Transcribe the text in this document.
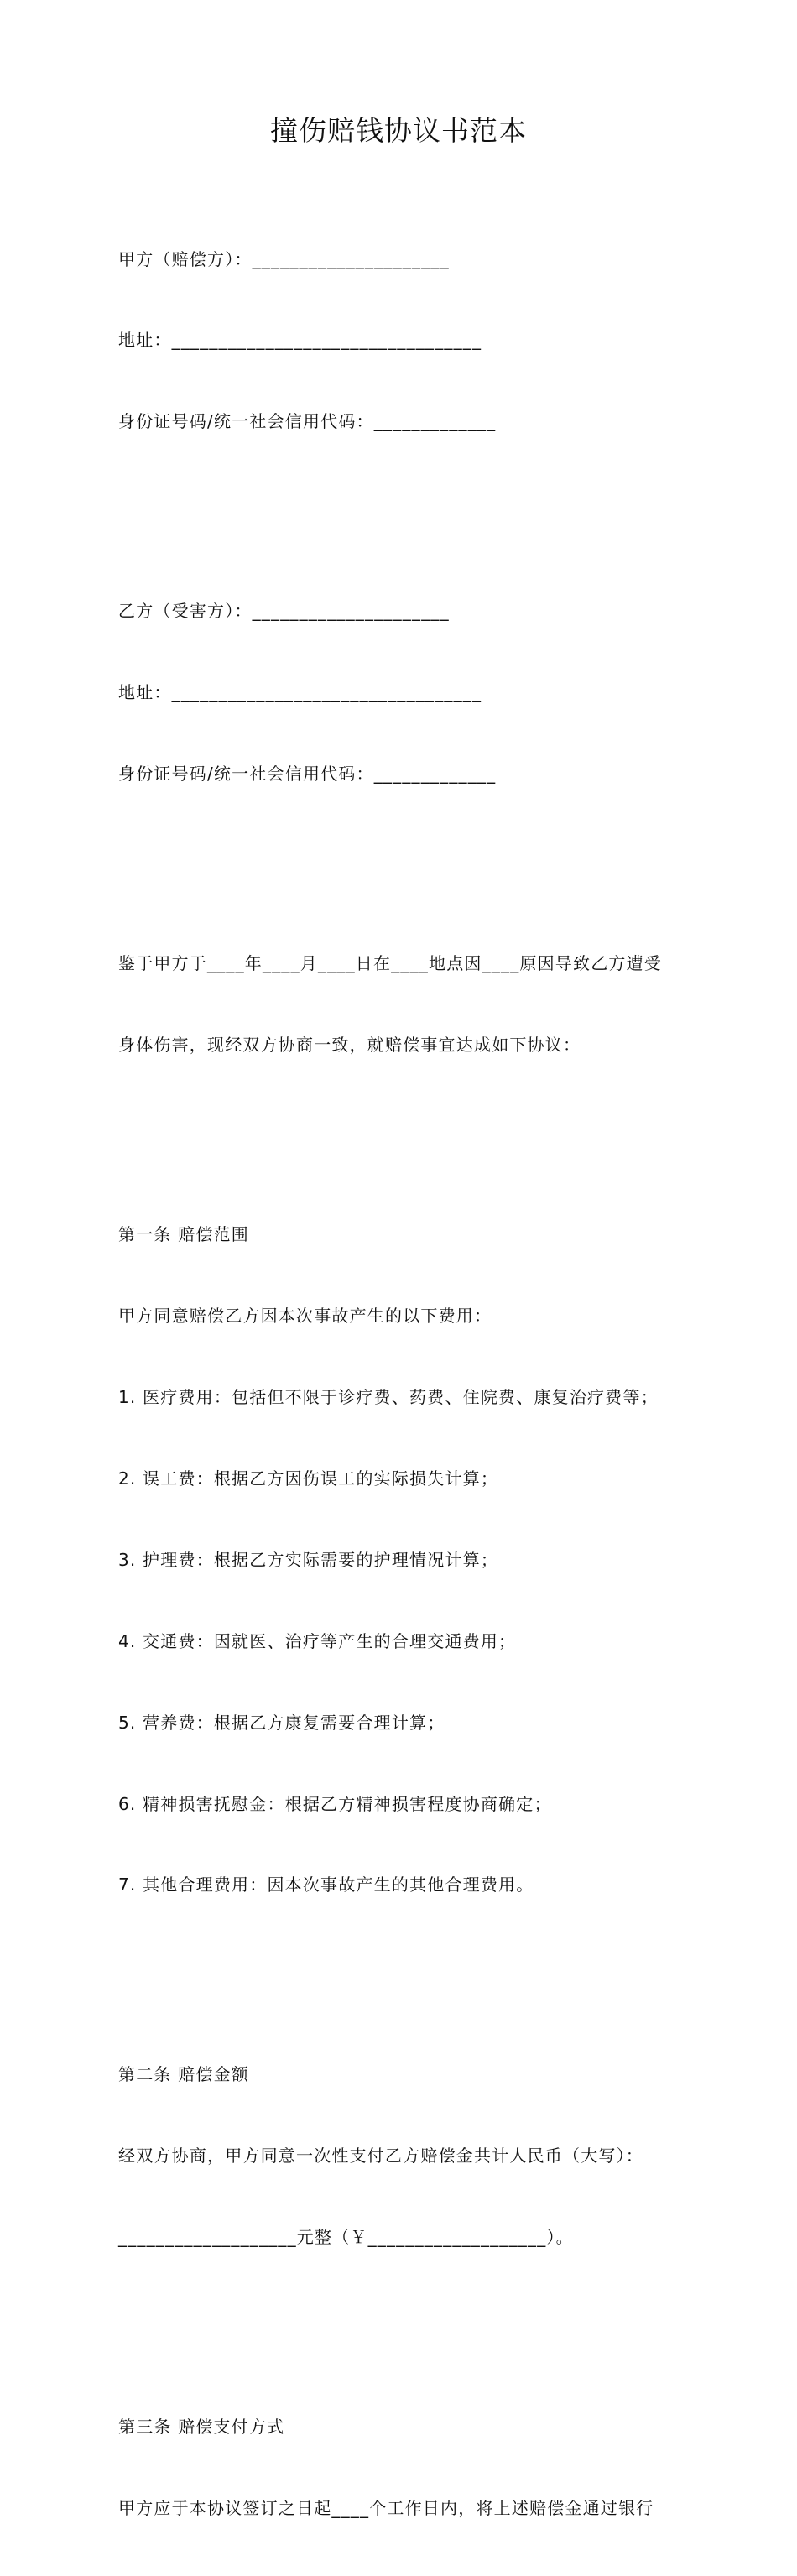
撞伤赔钱协议书范本

甲方（赔偿方）：_____________________

地址：_________________________________

身份证号码/统一社会信用代码：_____________

乙方（受害方）：_____________________

地址：_________________________________

身份证号码/统一社会信用代码：_____________

鉴于甲方于____年____月____日在____地点因____原因导致乙方遭受

身体伤害，现经双方协商一致，就赔偿事宜达成如下协议：

第一条 赔偿范围

甲方同意赔偿乙方因本次事故产生的以下费用：

1. 医疗费用：包括但不限于诊疗费、药费、住院费、康复治疗费等；

2. 误工费：根据乙方因伤误工的实际损失计算；

3. 护理费：根据乙方实际需要的护理情况计算；

4. 交通费：因就医、治疗等产生的合理交通费用；

5. 营养费：根据乙方康复需要合理计算；

6. 精神损害抚慰金：根据乙方精神损害程度协商确定；

7. 其他合理费用：因本次事故产生的其他合理费用。

第二条 赔偿金额

经双方协商，甲方同意一次性支付乙方赔偿金共计人民币（大写）：

___________________元整（￥___________________）。

第三条 赔偿支付方式

甲方应于本协议签订之日起____个工作日内，将上述赔偿金通过银行
